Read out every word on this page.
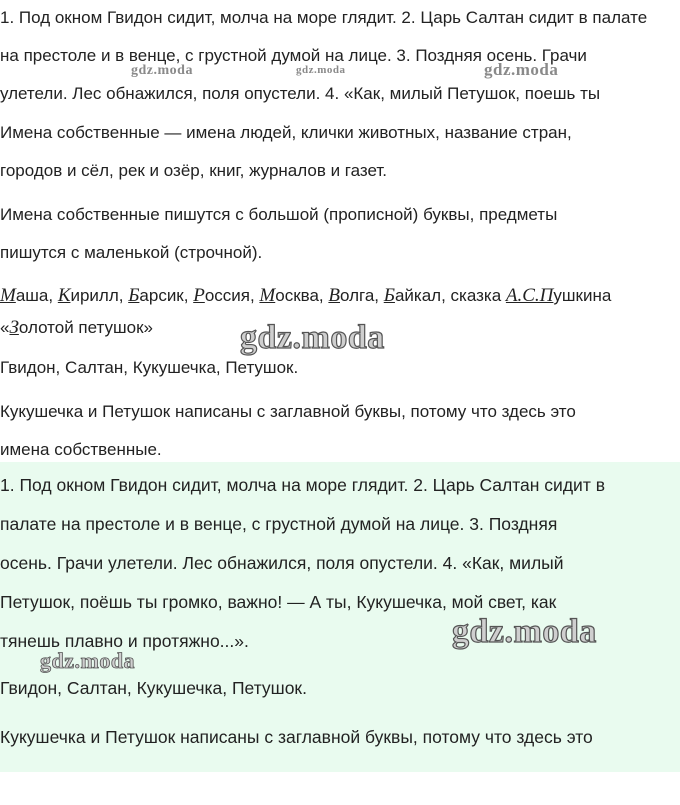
1. Под окном Гвидон сидит, молча на море глядит. 2. Царь Салтан сидит в палате
на престоле и в венце, с грустной думой на лице. 3. Поздняя осень. Грачи
улетели. Лес обнажился, поля опустели. 4. «Как, милый Петушок, поешь ты
Имена собственные — имена людей, клички животных, название стран,
городов и сёл, рек и озёр, книг, журналов и газет.
Имена собственные пишутся с большой (прописной) буквы, предметы
пишутся с маленькой (строчной).
Маша, Кирилл, Барсик, Россия, Москва, Волга, Байкал, сказка А.С.Пушкина
«Золотой петушок»
Гвидон, Салтан, Кукушечка, Петушок.
Кукушечка и Петушок написаны с заглавной буквы, потому что здесь это
имена собственные.
1. Под окном Гвидон сидит, молча на море глядит. 2. Царь Салтан сидит в
палате на престоле и в венце, с грустной думой на лице. 3. Поздняя
осень. Грачи улетели. Лес обнажился, поля опустели. 4. «Как, милый
Петушок, поёшь ты громко, важно! — А ты, Кукушечка, мой свет, как
тянешь плавно и протяжно...».
Гвидон, Салтан, Кукушечка, Петушок.
Кукушечка и Петушок написаны с заглавной буквы, потому что здесь это
gdz.moda	gdz.moda	gdz.moda
gdz.moda
gdz.moda
gdz.moda
